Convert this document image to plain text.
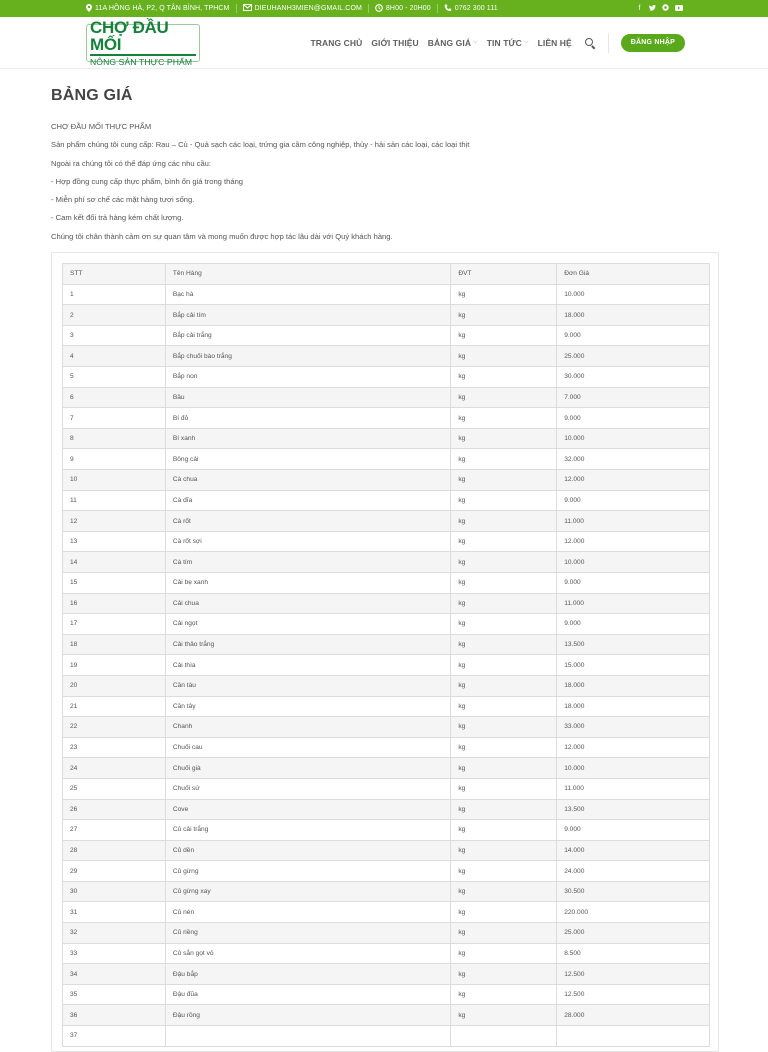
11A HỒNG HÀ, P2, Q TÂN BÌNH, TPHCM	DIEUHANH3MIEN@GMAIL.COM	8H00 - 20H00	0762 300 111	f
CHỢ ĐẦU MỐI
NÔNG SẢN THỰC PHẨM
TRANG CHỦ GIỚI THIỆU BẢNG GIÁ ⌵ TIN TỨC ⌵ LIÊN HỆ	ĐĂNG NHẬP
BẢNG GIÁ

CHỢ ĐẦU MỐI THỰC PHẨM

Sản phẩm chúng tôi cung cấp: Rau – Củ - Quả sạch các loại, trứng gia cầm công nghiệp, thủy - hải sản các loại, các loại thịt

Ngoài ra chúng tôi có thể đáp ứng các nhu cầu:

- Hợp đồng cung cấp thực phẩm, bình ổn giá trong tháng

- Miễn phí sơ chế các mặt hàng tươi sống.

- Cam kết đổi trả hàng kém chất lượng.

Chúng tôi chân thành cảm ơn sự quan tâm và mong muốn được hợp tác lâu dài với Quý khách hàng.

STT	Tên Hàng	ĐVT	Đơn Giá
1	Bạc hà	kg	10.000
2	Bắp cải tím	kg	18.000
3	Bắp cải trắng	kg	9.000
4	Bắp chuối bào trắng	kg	25.000
5	Bắp non	kg	30.000
6	Bầu	kg	7.000
7	Bí đỏ	kg	9.000
8	Bí xanh	kg	10.000
9	Bông cải	kg	32.000
10	Cà chua	kg	12.000
11	Cà dĩa	kg	9.000
12	Cà rốt	kg	11.000
13	Cà rốt sợi	kg	12.000
14	Cà tím	kg	10.000
15	Cải bẹ xanh	kg	9.000
16	Cải chua	kg	11.000
17	Cải ngọt	kg	9.000
18	Cải thảo trắng	kg	13.500
19	Cải thìa	kg	15.000
20	Cần tàu	kg	18.000
21	Cần tây	kg	18.000
22	Chanh	kg	33.000
23	Chuối cau	kg	12.000
24	Chuối già	kg	10.000
25	Chuối sứ	kg	11.000
26	Cove	kg	13.500
27	Củ cải trắng	kg	9.000
28	Củ dền	kg	14.000
29	Củ gừng	kg	24.000
30	Củ gừng xay	kg	30.500
31	Củ nén	kg	220.000
32	Củ riềng	kg	25.000
33	Củ sắn gọt vỏ	kg	8.500
34	Đậu bắp	kg	12.500
35	Đậu đũa	kg	12.500
36	Đậu rồng	kg	28.000
37			
